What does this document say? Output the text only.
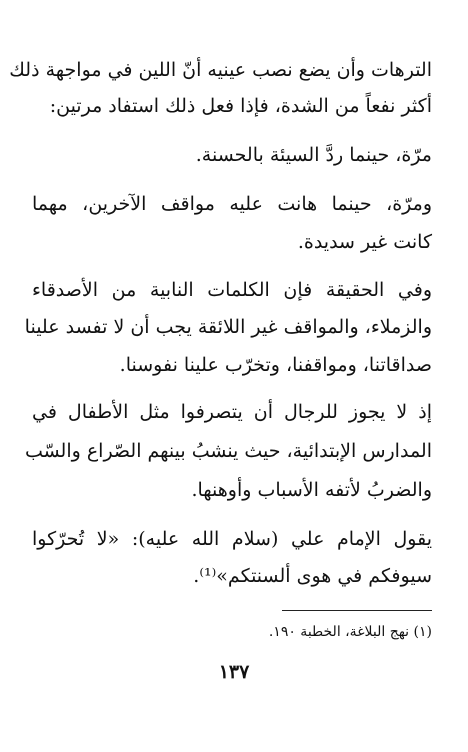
الترهات وأن يضع نصب عينيه أنّ اللين في مواجهة ذلك
أكثر نفعاً من الشدة، فإذا فعل ذلك استفاد مرتين:
مرّة، حينما ردَّ السيئة بالحسنة.
ومرّة، حينما هانت عليه مواقف الآخرين، مهما
كانت غير سديدة.
وفي الحقيقة فإن الكلمات النابية من الأصدقاء
والزملاء، والمواقف غير اللائقة يجب أن لا تفسد علينا
صداقاتنا، ومواقفنا، وتخرّب علينا نفوسنا.
إذ لا يجوز للرجال أن يتصرفوا مثل الأطفال في
المدارس الإبتدائية، حيث ينشبُ بينهم الصّراع والسّب
والضربُ لأتفه الأسباب وأوهنها.
يقول الإمام علي (سلام الله عليه): «لا تُحرّكوا
سيوفكم في هوى ألسنتكم»⁽¹⁾.
(١) نهج البلاغة، الخطبة ١٩٠.
١٣٧
